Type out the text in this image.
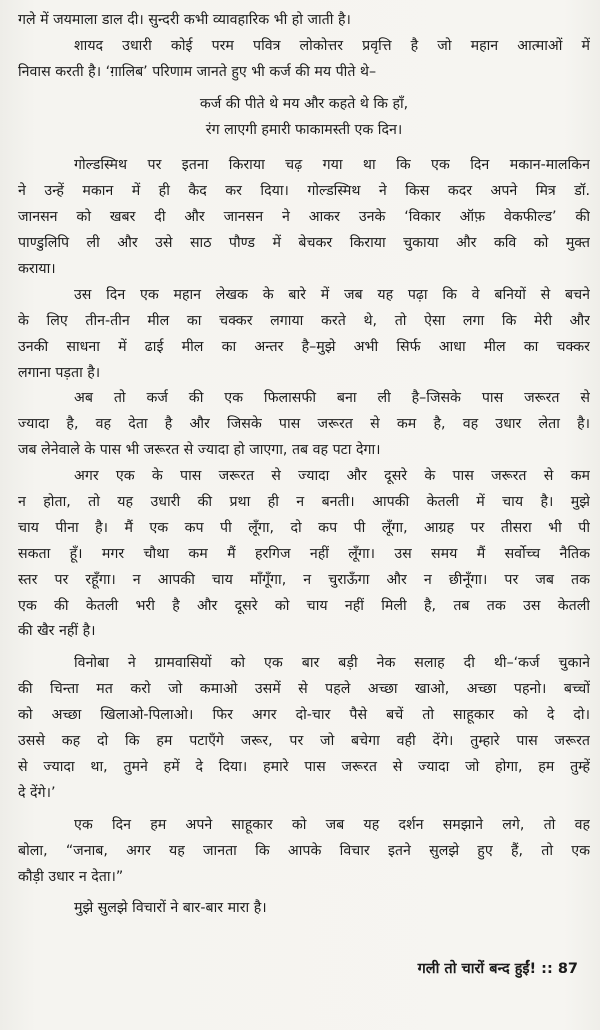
गले में जयमाला डाल दी। सुन्दरी कभी व्यावहारिक भी हो जाती है।
शायद उधारी कोई परम पवित्र लोकोत्तर प्रवृत्ति है जो महान आत्माओं में
निवास करती है। ‘ग़ालिब’ परिणाम जानते हुए भी कर्ज की मय पीते थे–
कर्ज की पीते थे मय और कहते थे कि हाँ,
रंग लाएगी हमारी फाकामस्ती एक दिन।
गोल्डस्मिथ पर इतना किराया चढ़ गया था कि एक दिन मकान-मालकिन
ने उन्हें मकान में ही कैद कर दिया। गोल्डस्मिथ ने किस कदर अपने मित्र डॉ.
जानसन को खबर दी और जानसन ने आकर उनके ‘विकार ऑफ़ वेकफील्ड’ की
पाण्डुलिपि ली और उसे साठ पौण्ड में बेचकर किराया चुकाया और कवि को मुक्त
कराया।
उस दिन एक महान लेखक के बारे में जब यह पढ़ा कि वे बनियों से बचने
के लिए तीन-तीन मील का चक्कर लगाया करते थे, तो ऐसा लगा कि मेरी और
उनकी साधना में ढाई मील का अन्तर है–मुझे अभी सिर्फ आधा मील का चक्कर
लगाना पड़ता है।
अब तो कर्ज की एक फिलासफी बना ली है–जिसके पास जरूरत से
ज्यादा है, वह देता है और जिसके पास जरूरत से कम है, वह उधार लेता है।
जब लेनेवाले के पास भी जरूरत से ज्यादा हो जाएगा, तब वह पटा देगा।
अगर एक के पास जरूरत से ज्यादा और दूसरे के पास जरूरत से कम
न होता, तो यह उधारी की प्रथा ही न बनती। आपकी केतली में चाय है। मुझे
चाय पीना है। मैं एक कप पी लूँगा, दो कप पी लूँगा, आग्रह पर तीसरा भी पी
सकता हूँ। मगर चौथा कम मैं हरगिज नहीं लूँगा। उस समय मैं सर्वोच्च नैतिक
स्तर पर रहूँगा। न आपकी चाय माँगूँगा, न चुराऊँगा और न छीनूँगा। पर जब तक
एक की केतली भरी है और दूसरे को चाय नहीं मिली है, तब तक उस केतली
की खैर नहीं है।
विनोबा ने ग्रामवासियों को एक बार बड़ी नेक सलाह दी थी–‘कर्ज चुकाने
की चिन्ता मत करो जो कमाओ उसमें से पहले अच्छा खाओ, अच्छा पहनो। बच्चों
को अच्छा खिलाओ-पिलाओ। फिर अगर दो-चार पैसे बचें तो साहूकार को दे दो।
उससे कह दो कि हम पटाएँगे जरूर, पर जो बचेगा वही देंगे। तुम्हारे पास जरूरत
से ज्यादा था, तुमने हमें दे दिया। हमारे पास जरूरत से ज्यादा जो होगा, हम तुम्हें
दे देंगे।’
एक दिन हम अपने साहूकार को जब यह दर्शन समझाने लगे, तो वह
बोला, “जनाब, अगर यह जानता कि आपके विचार इतने सुलझे हुए हैं, तो एक
कौड़ी उधार न देता।”
मुझे सुलझे विचारों ने बार-बार मारा है।
गली तो चारों बन्द हुईं! :: 87
